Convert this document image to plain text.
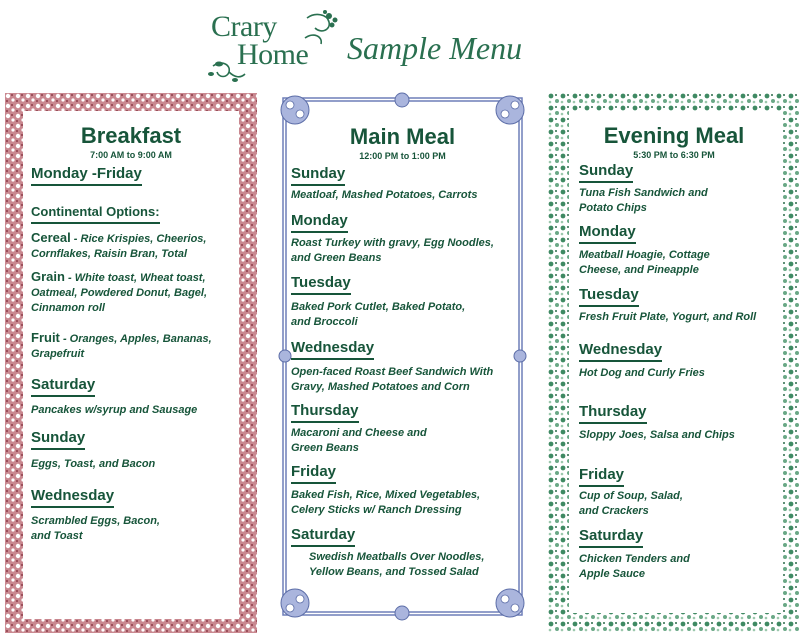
Crary
Home Sample Menu
Breakfast
7:00 AM to 9:00 AM
Monday -Friday
Continental Options:
Cereal - Rice Krispies, Cheerios,
Cornflakes, Raisin Bran, Total
Grain - White toast, Wheat toast,
Oatmeal, Powdered Donut, Bagel,
Cinnamon roll
Fruit - Oranges, Apples, Bananas,
Grapefruit
Saturday
Pancakes w/syrup and Sausage
Sunday
Eggs, Toast, and Bacon
Wednesday
Scrambled Eggs, Bacon,
and Toast
Main Meal
12:00 PM to 1:00 PM
Sunday
Meatloaf, Mashed Potatoes, Carrots
Monday
Roast Turkey with gravy, Egg Noodles,
and Green Beans
Tuesday
Baked Pork Cutlet, Baked Potato,
and Broccoli
Wednesday
Open-faced Roast Beef Sandwich With
Gravy, Mashed Potatoes and Corn
Thursday
Macaroni and Cheese and
Green Beans
Friday
Baked Fish, Rice, Mixed Vegetables,
Celery Sticks w/ Ranch Dressing
Saturday
Swedish Meatballs Over Noodles,
Yellow Beans, and Tossed Salad
Evening Meal
5:30 PM to 6:30 PM
Sunday
Tuna Fish Sandwich and
Potato Chips
Monday
Meatball Hoagie, Cottage
Cheese, and Pineapple
Tuesday
Fresh Fruit Plate, Yogurt, and Roll
Wednesday
Hot Dog and Curly Fries
Thursday
Sloppy Joes, Salsa and Chips
Friday
Cup of Soup, Salad,
and Crackers
Saturday
Chicken Tenders and
Apple Sauce
